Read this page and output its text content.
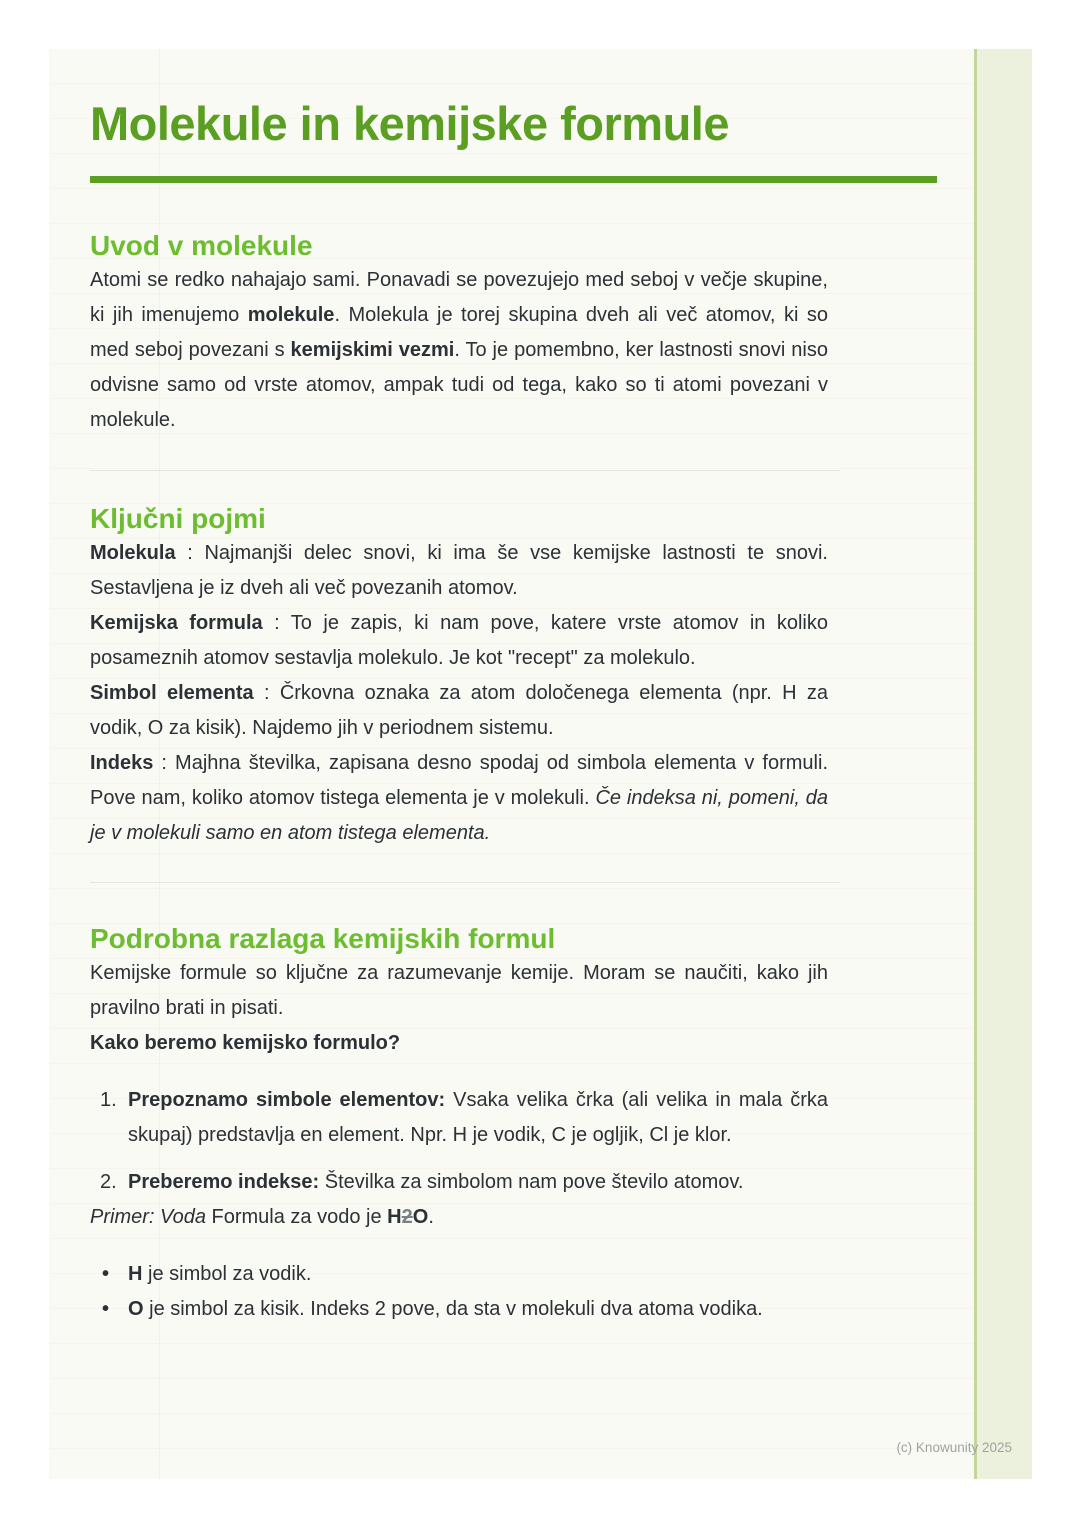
Molekule in kemijske formule
Uvod v molekule

Atomi se redko nahajajo sami. Ponavadi se povezujejo med seboj v večje skupine, ki jih imenujemo molekule. Molekula je torej skupina dveh ali več atomov, ki so med seboj povezani s kemijskimi vezmi. To je pomembno, ker lastnosti snovi niso odvisne samo od vrste atomov, ampak tudi od tega, kako so ti atomi povezani v molekule.

Ključni pojmi

Molekula : Najmanjši delec snovi, ki ima še vse kemijske lastnosti te snovi. Sestavljena je iz dveh ali več povezanih atomov.

Kemijska formula : To je zapis, ki nam pove, katere vrste atomov in koliko posameznih atomov sestavlja molekulo. Je kot "recept" za molekulo.

Simbol elementa : Črkovna oznaka za atom določenega elementa (npr. H za vodik, O za kisik). Najdemo jih v periodnem sistemu.

Indeks : Majhna številka, zapisana desno spodaj od simbola elementa v formuli. Pove nam, koliko atomov tistega elementa je v molekuli. Če indeksa ni, pomeni, da je v molekuli samo en atom tistega elementa.

Podrobna razlaga kemijskih formul

Kemijske formule so ključne za razumevanje kemije. Moram se naučiti, kako jih pravilno brati in pisati.

Kako beremo kemijsko formulo?

1. Prepoznamo simbole elementov: Vsaka velika črka (ali velika in mala črka skupaj) predstavlja en element. Npr. H je vodik, C je ogljik, Cl je klor.
2. Preberemo indekse: Številka za simbolom nam pove število atomov.

Primer: Voda Formula za vodo je H2O.

• H je simbol za vodik.
• O je simbol za kisik. Indeks 2 pove, da sta v molekuli dva atoma vodika.
(c) Knowunity 2025
